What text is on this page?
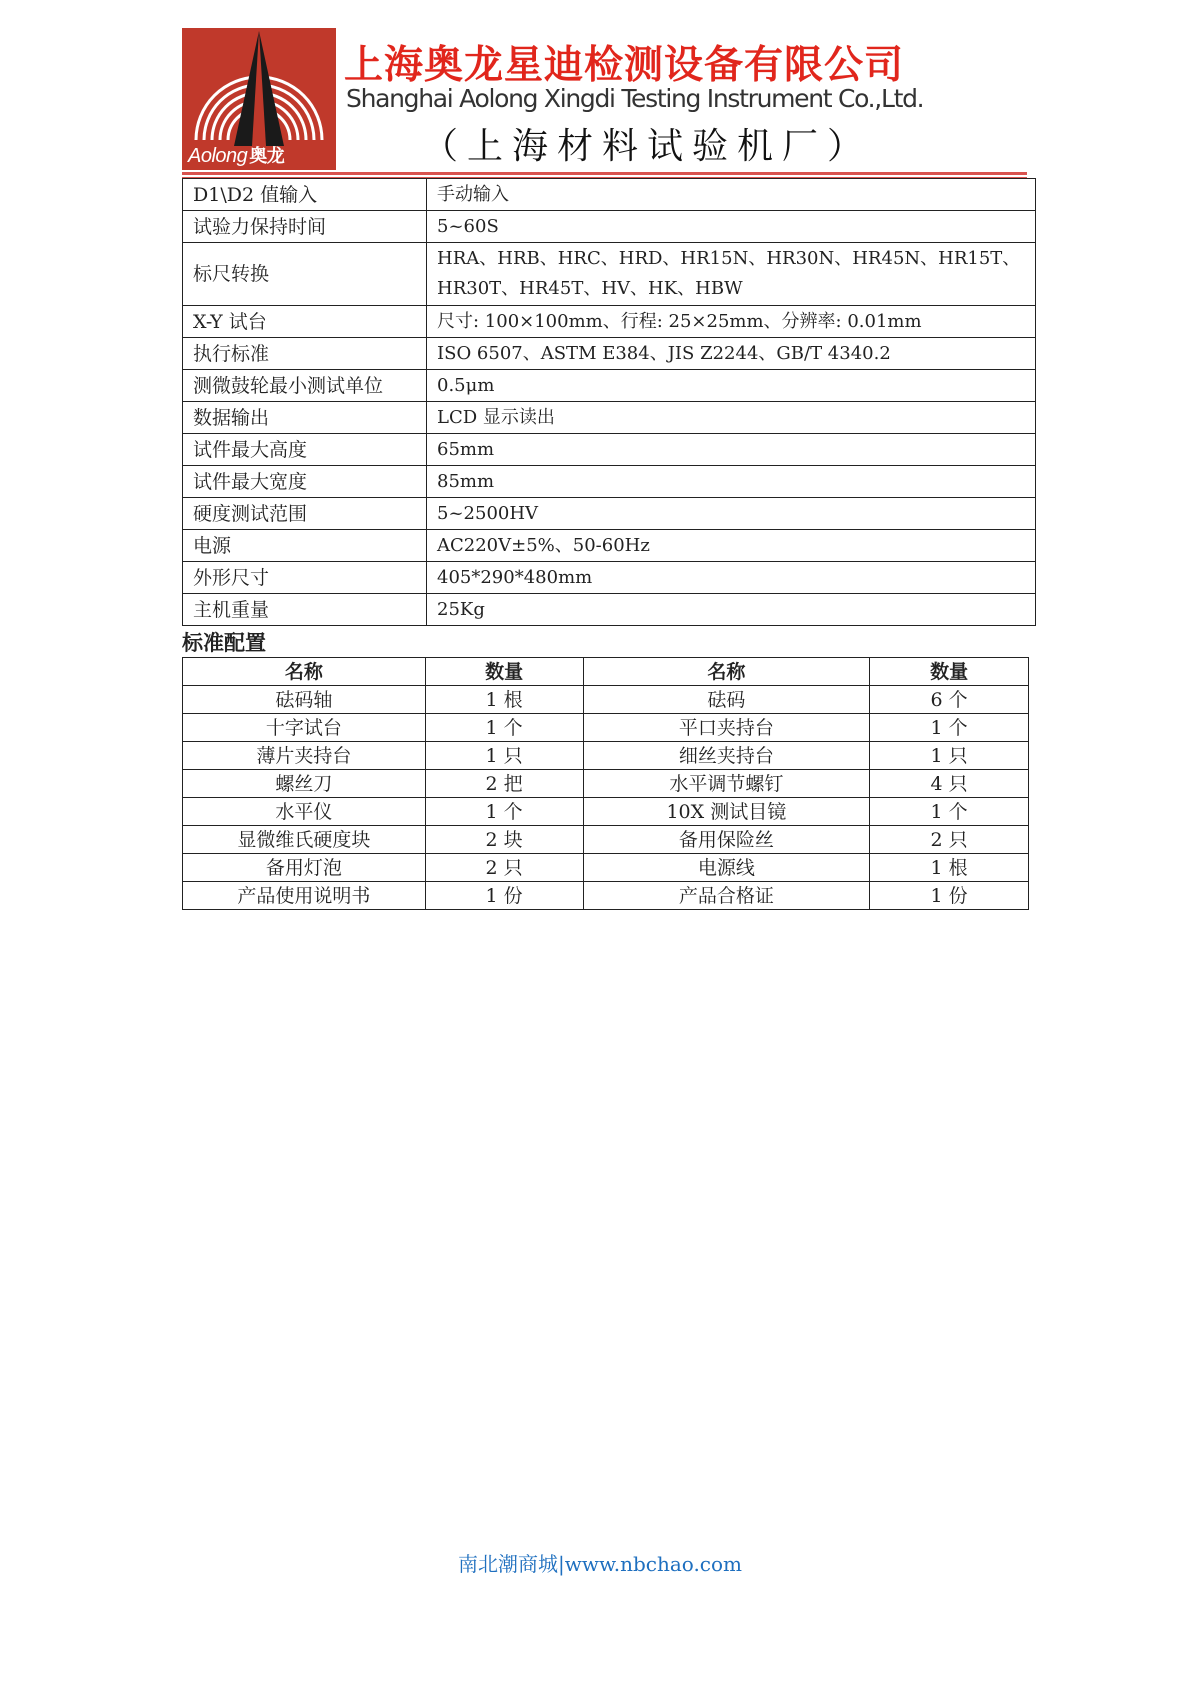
Aolong 奥龙
上海奥龙星迪检测设备有限公司
Shanghai Aolong Xingdi Testing Instrument Co.,Ltd.
（上海材料试验机厂）
D1\D2 值输入	手动输入
试验力保持时间	5~60S
标尺转换	HRA、HRB、HRC、HRD、HR15N、HR30N、HR45N、HR15T、HR30T、HR45T、HV、HK、HBW
X-Y 试台	尺寸: 100×100mm、行程: 25×25mm、分辨率: 0.01mm
执行标准	ISO 6507、ASTM E384、JIS Z2244、GB/T 4340.2
测微鼓轮最小测试单位	0.5μm
数据输出	LCD 显示读出
试件最大高度	65mm
试件最大宽度	85mm
硬度测试范围	5~2500HV
电源	AC220V±5%、50-60Hz
外形尺寸	405*290*480mm
主机重量	25Kg
标准配置
名称	数量	名称	数量
砝码轴	1 根	砝码	6 个
十字试台	1 个	平口夹持台	1 个
薄片夹持台	1 只	细丝夹持台	1 只
螺丝刀	2 把	水平调节螺钉	4 只
水平仪	1 个	10X 测试目镜	1 个
显微维氏硬度块	2 块	备用保险丝	2 只
备用灯泡	2 只	电源线	1 根
产品使用说明书	1 份	产品合格证	1 份
南北潮商城|www.nbchao.com
